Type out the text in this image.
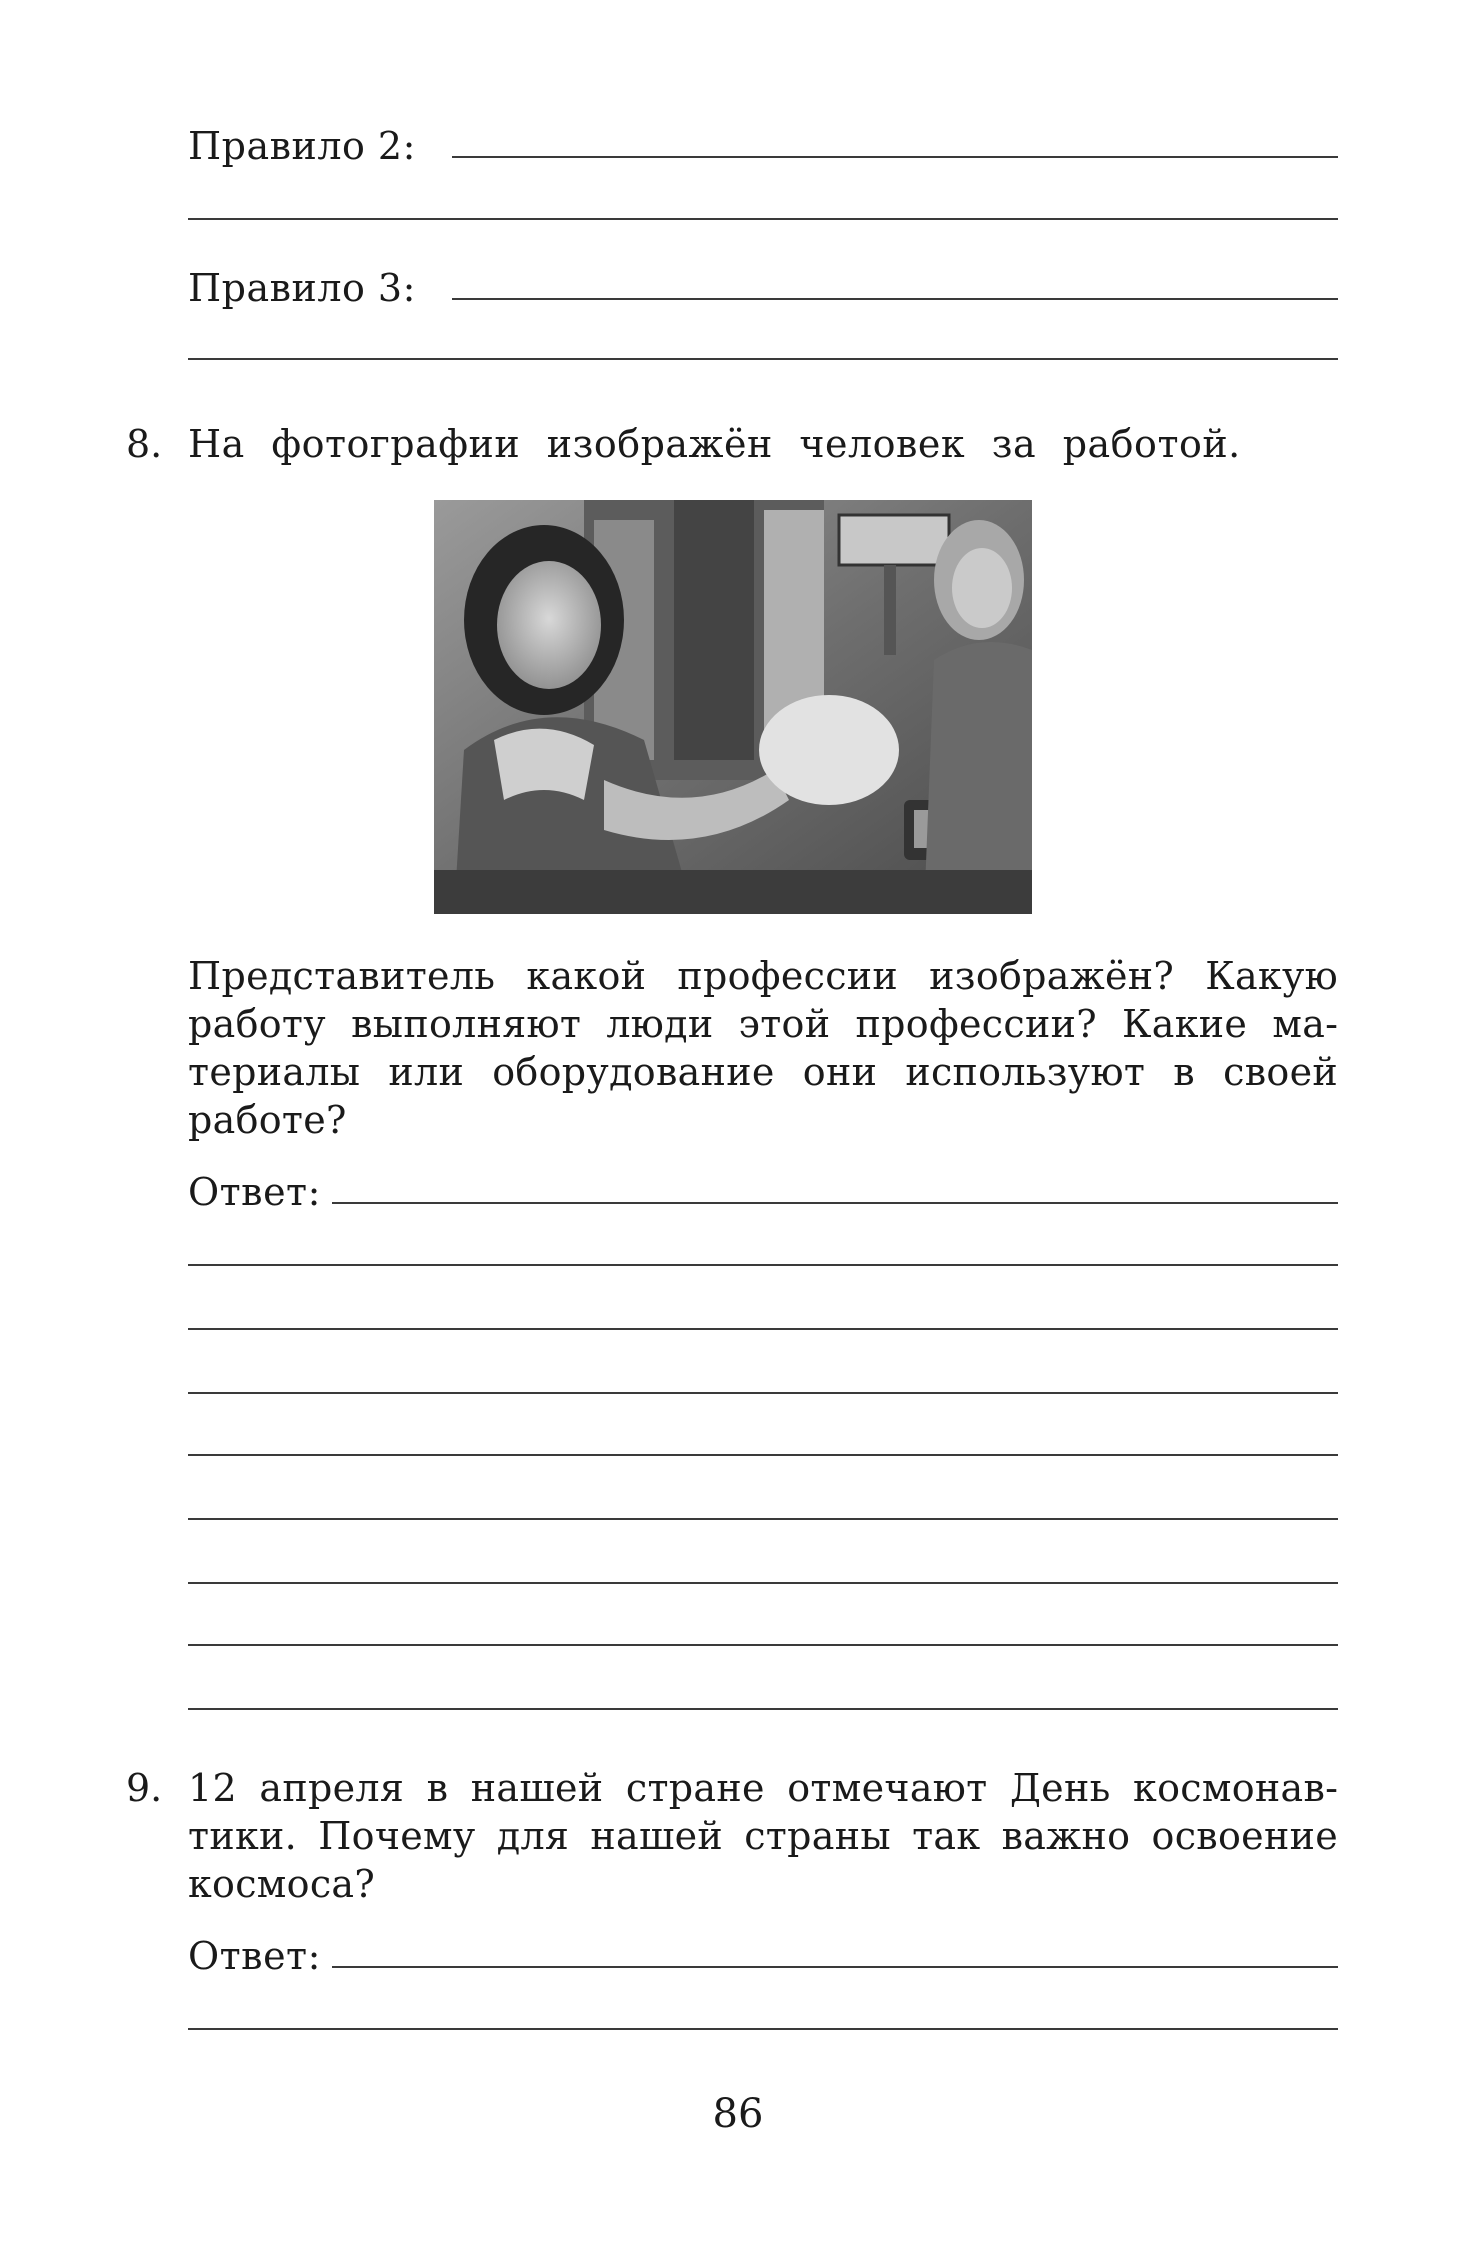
Правило 2:
Правило 3:
8. На фотографии изображён человек за работой.

Представитель какой профессии изображён? Какую работу выполняют люди этой профессии? Какие материалы или оборудование они используют в своей работе?

Ответ:
9. 12 апреля в нашей стране отмечают День космонавтики. Почему для нашей страны так важно освоение космоса?

Ответ:
86
